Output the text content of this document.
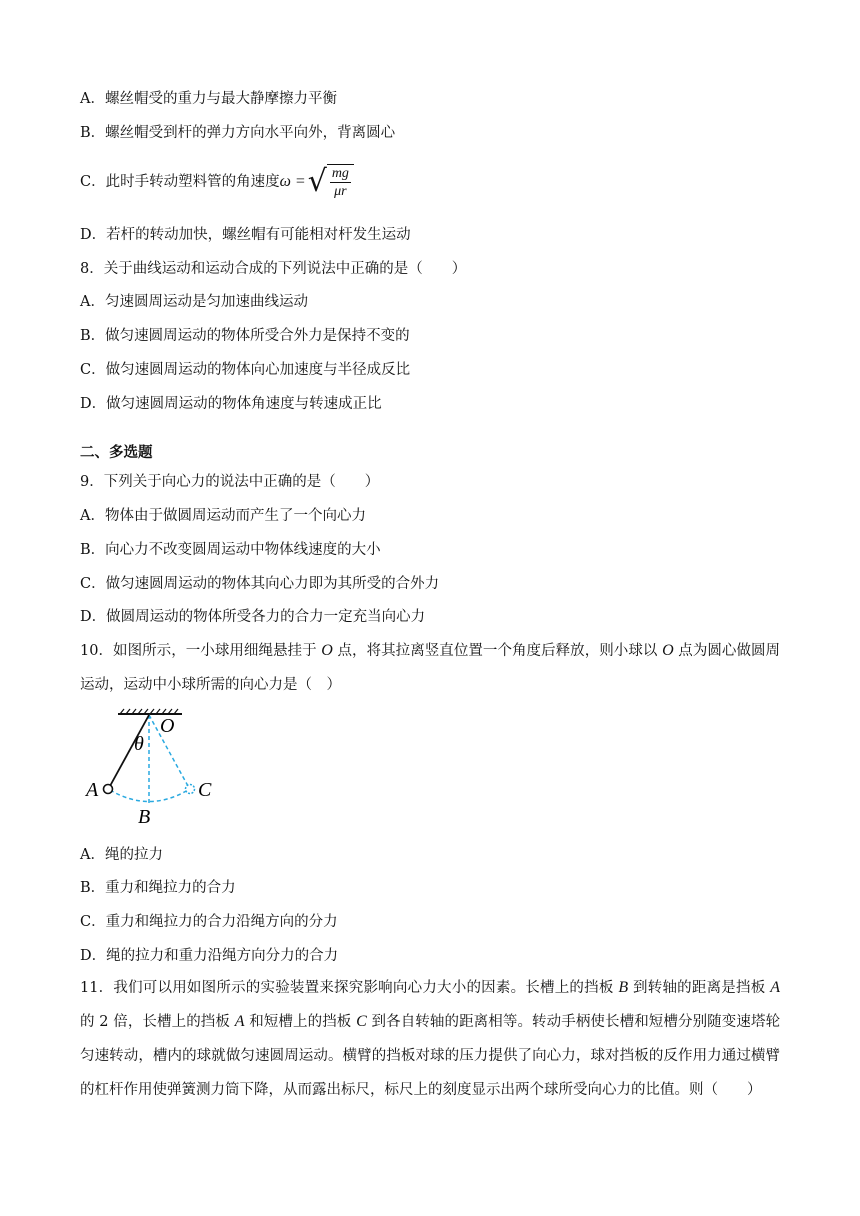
A．螺丝帽受的重力与最大静摩擦力平衡
B．螺丝帽受到杆的弹力方向水平向外，背离圆心
C．此时手转动塑料管的角速度 ω = √ $\frac{mg}{\mu r}$
D．若杆的转动加快，螺丝帽有可能相对杆发生运动
8．关于曲线运动和运动合成的下列说法中正确的是（　　）
A．匀速圆周运动是匀加速曲线运动
B．做匀速圆周运动的物体所受合外力是保持不变的
C．做匀速圆周运动的物体向心加速度与半径成反比
D．做匀速圆周运动的物体角速度与转速成正比
二、多选题
9．下列关于向心力的说法中正确的是（　　）
A．物体由于做圆周运动而产生了一个向心力
B．向心力不改变圆周运动中物体线速度的大小
C．做匀速圆周运动的物体其向心力即为其所受的合外力
D．做圆周运动的物体所受各力的合力一定充当向心力
10．如图所示，一小球用细绳悬挂于 O 点，将其拉离竖直位置一个角度后释放，则小球以 O 点为圆心做圆周运动，运动中小球所需的向心力是（　）
O
θ
A
B
C
A．绳的拉力
B．重力和绳拉力的合力
C．重力和绳拉力的合力沿绳方向的分力
D．绳的拉力和重力沿绳方向分力的合力
11．我们可以用如图所示的实验装置来探究影响向心力大小的因素。长槽上的挡板 B 到转轴的距离是挡板 A 的 2 倍，长槽上的挡板 A 和短槽上的挡板 C 到各自转轴的距离相等。转动手柄使长槽和短槽分别随变速塔轮匀速转动，槽内的球就做匀速圆周运动。横臂的挡板对球的压力提供了向心力，球对挡板的反作用力通过横臂的杠杆作用使弹簧测力筒下降，从而露出标尺，标尺上的刻度显示出两个球所受向心力的比值。则（　　）
